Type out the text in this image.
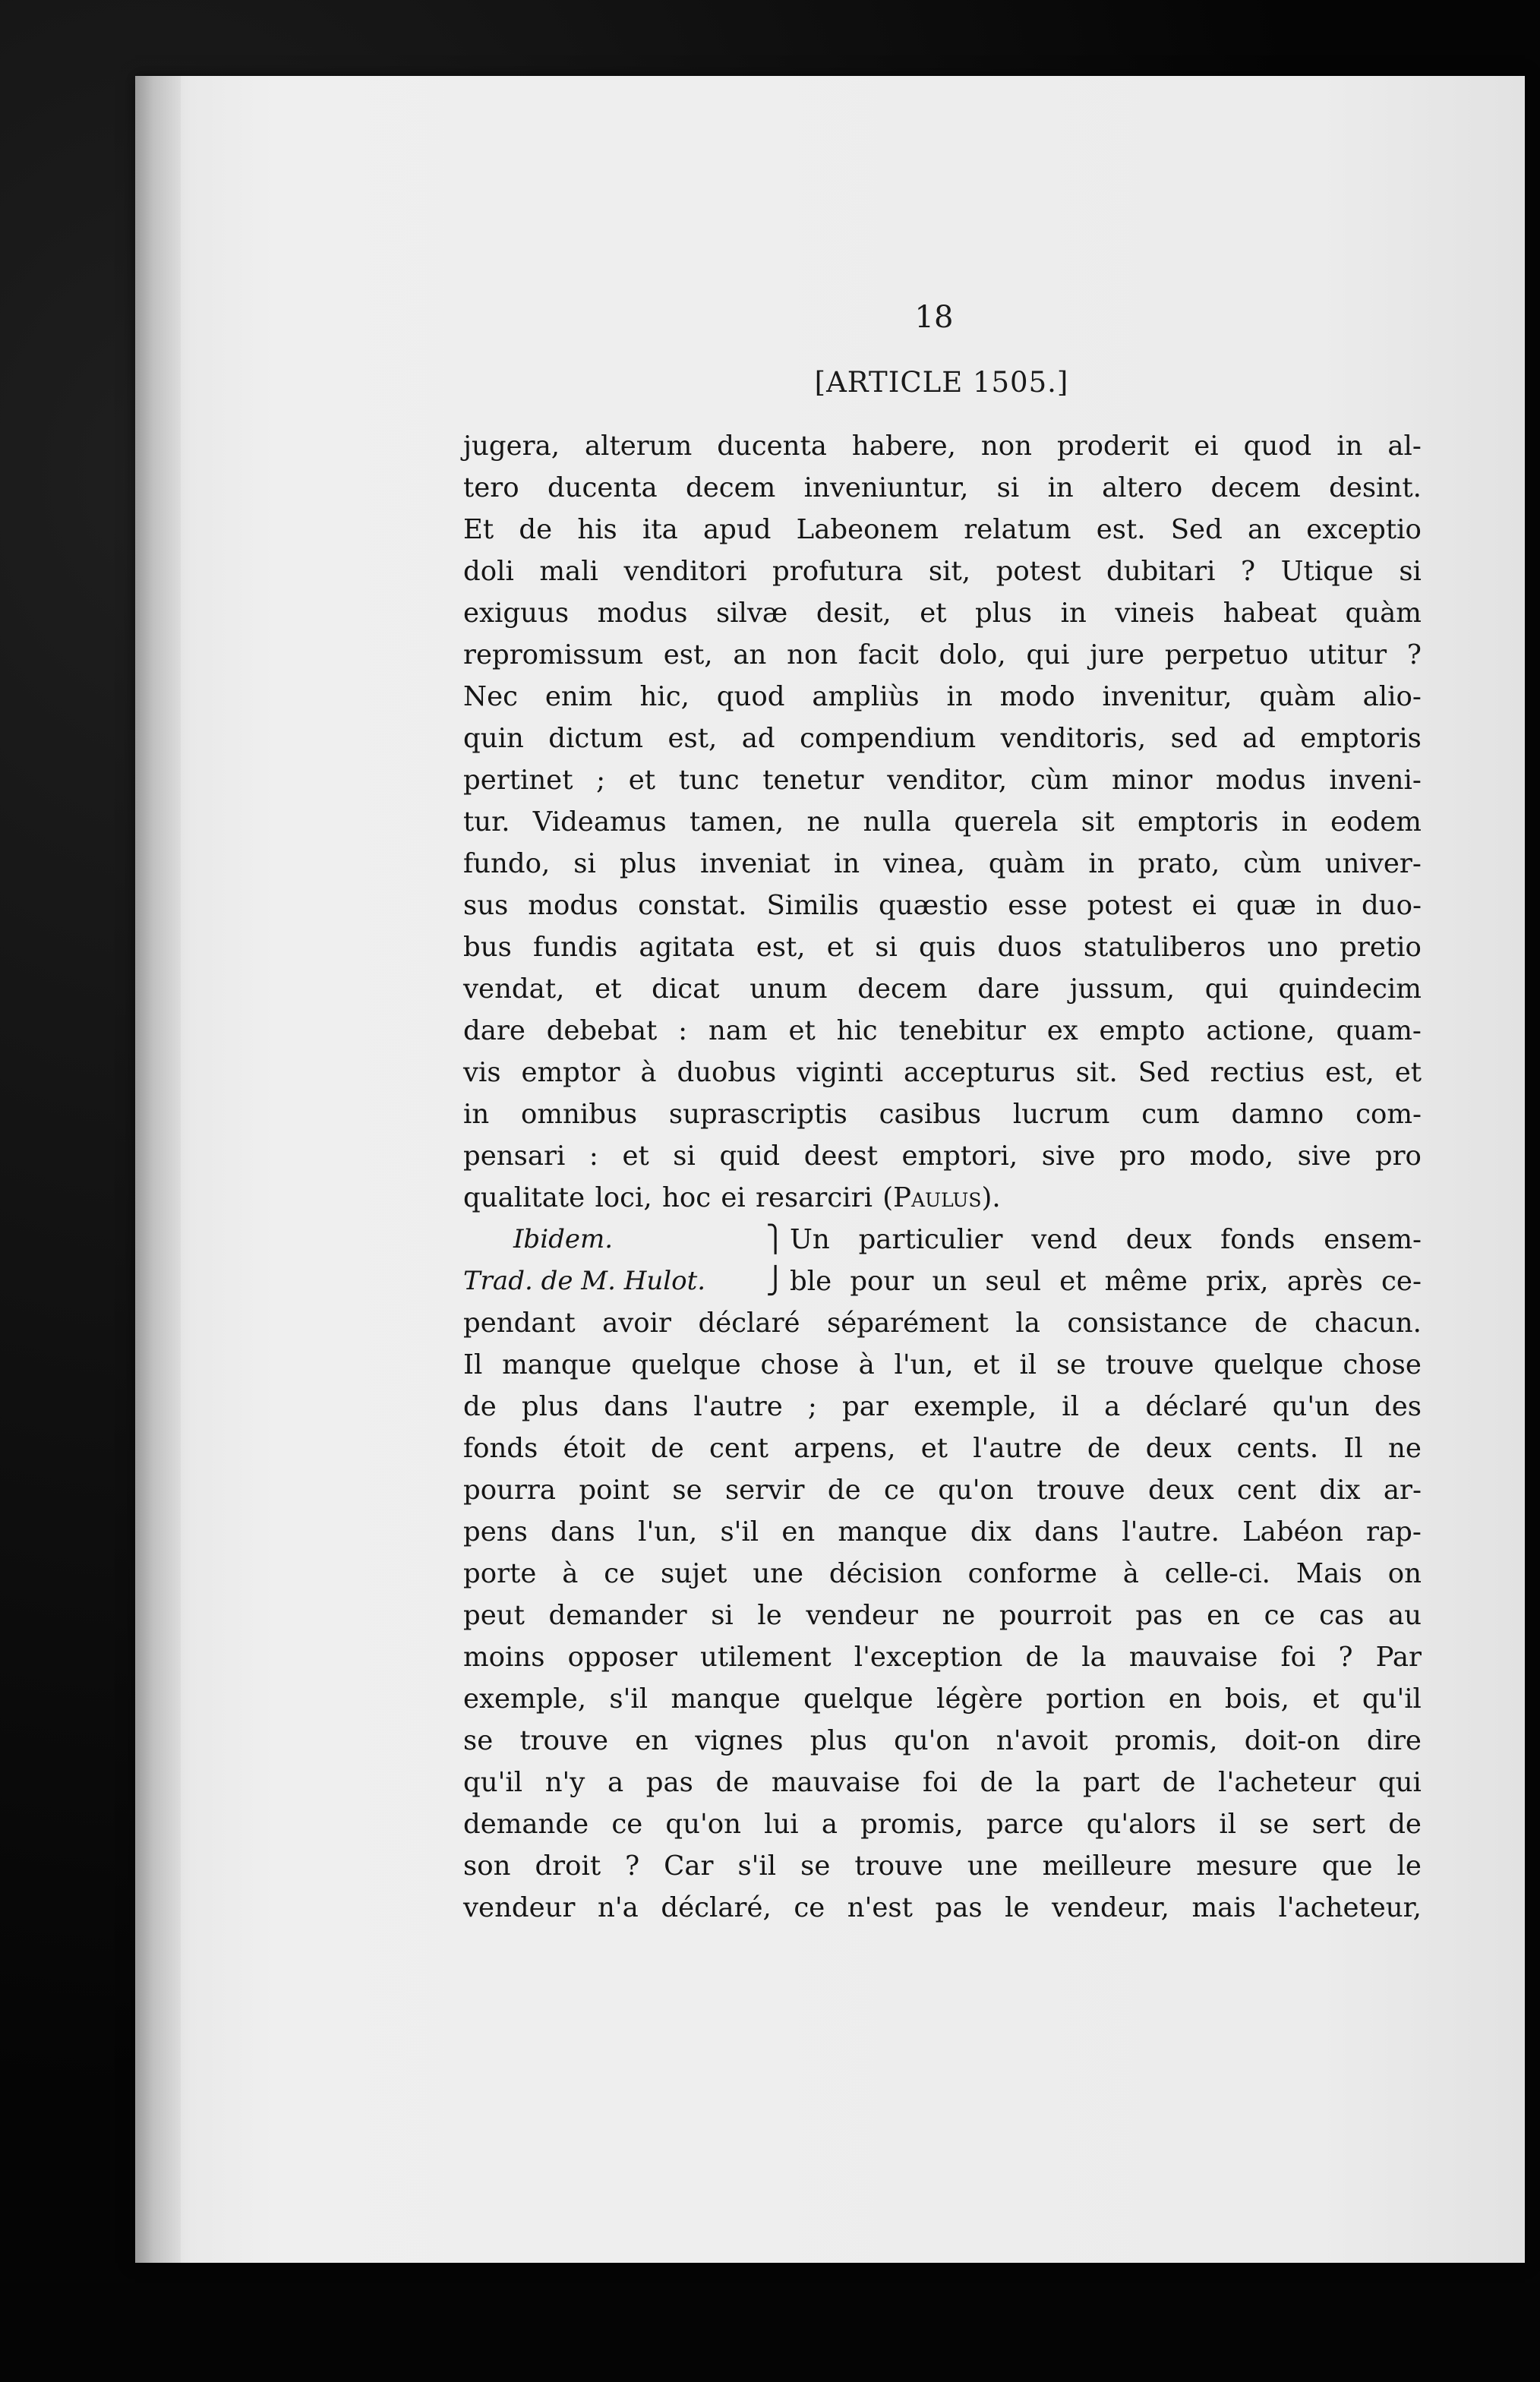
18
[ARTICLE 1505.]
jugera, alterum ducenta habere, non proderit ei quod in al-
tero ducenta decem inveniuntur, si in altero decem desint.
Et de his ita apud Labeonem relatum est. Sed an exceptio
doli mali venditori profutura sit, potest dubitari ? Utique si
exiguus modus silvæ desit, et plus in vineis habeat quàm
repromissum est, an non facit dolo, qui jure perpetuo utitur ?
Nec enim hic, quod ampliùs in modo invenitur, quàm alio-
quin dictum est, ad compendium venditoris, sed ad emptoris
pertinet ; et tunc tenetur venditor, cùm minor modus inveni-
tur. Videamus tamen, ne nulla querela sit emptoris in eodem
fundo, si plus inveniat in vinea, quàm in prato, cùm univer-
sus modus constat. Similis quæstio esse potest ei quæ in duo-
bus fundis agitata est, et si quis duos statuliberos uno pretio
vendat, et dicat unum decem dare jussum, qui quindecim
dare debebat : nam et hic tenebitur ex empto actione, quam-
vis emptor à duobus viginti accepturus sit. Sed rectius est, et
in omnibus suprascriptis casibus lucrum cum damno com-
pensari : et si quid deest emptori, sive pro modo, sive pro
qualitate loci, hoc ei resarciri ( Paulus ).
Ibidem.	⎫ Un particulier vend deux fonds ensem-
Trad. de M. Hulot. ⎭ ble pour un seul et même prix, après ce-
pendant avoir déclaré séparément la consistance de chacun.
Il manque quelque chose à l'un, et il se trouve quelque chose
de plus dans l'autre ; par exemple, il a déclaré qu'un des
fonds étoit de cent arpens, et l'autre de deux cents. Il ne
pourra point se servir de ce qu'on trouve deux cent dix ar-
pens dans l'un, s'il en manque dix dans l'autre. Labéon rap-
porte à ce sujet une décision conforme à celle-ci. Mais on
peut demander si le vendeur ne pourroit pas en ce cas au
moins opposer utilement l'exception de la mauvaise foi ? Par
exemple, s'il manque quelque légère portion en bois, et qu'il
se trouve en vignes plus qu'on n'avoit promis, doit-on dire
qu'il n'y a pas de mauvaise foi de la part de l'acheteur qui
demande ce qu'on lui a promis, parce qu'alors il se sert de
son droit ? Car s'il se trouve une meilleure mesure que le
vendeur n'a déclaré, ce n'est pas le vendeur, mais l'acheteur,
